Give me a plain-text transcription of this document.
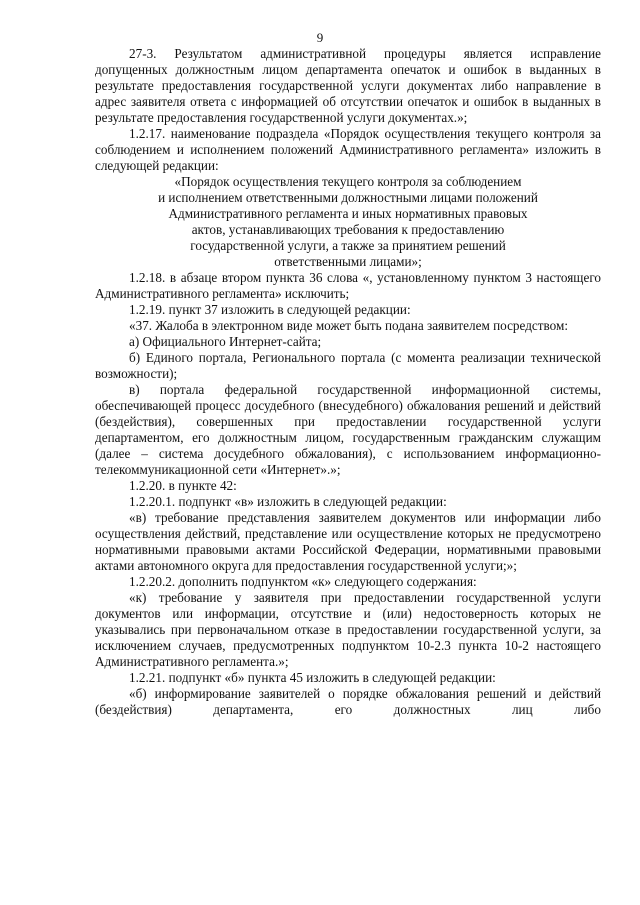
9

27-3. Результатом административной процедуры является исправление допущенных должностным лицом департамента опечаток и ошибок в выданных в результате предоставления государственной услуги документах либо направление в адрес заявителя ответа с информацией об отсутствии опечаток и ошибок в выданных в результате предоставления государственной услуги документах.»;

1.2.17. наименование подраздела «Порядок осуществления текущего контроля за соблюдением и исполнением положений Административного регламента» изложить в следующей редакции:

«Порядок осуществления текущего контроля за соблюдением

и исполнением ответственными должностными лицами положений

Административного регламента и иных нормативных правовых

актов, устанавливающих требования к предоставлению

государственной услуги, а также за принятием решений

ответственными лицами»;

1.2.18. в абзаце втором пункта 36 слова «, установленному пунктом 3 настоящего Административного регламента» исключить;

1.2.19. пункт 37 изложить в следующей редакции:

«37. Жалоба в электронном виде может быть подана заявителем посредством:

а) Официального Интернет-сайта;

б) Единого портала, Регионального портала (с момента реализации технической возможности);

в) портала федеральной государственной информационной системы, обеспечивающей процесс досудебного (внесудебного) обжалования решений и действий (бездействия), совершенных при предоставлении государственной услуги департаментом, его должностным лицом, государственным гражданским служащим (далее – система досудебного обжалования), с использованием информационно-телекоммуникационной сети «Интернет».»;

1.2.20. в пункте 42:

1.2.20.1. подпункт «в» изложить в следующей редакции:

«в) требование представления заявителем документов или информации либо осуществления действий, представление или осуществление которых не предусмотрено нормативными правовыми актами Российской Федерации, нормативными правовыми актами автономного округа для предоставления государственной услуги;»;

1.2.20.2. дополнить подпунктом «к» следующего содержания:

«к) требование у заявителя при предоставлении государственной услуги документов или информации, отсутствие и (или) недостоверность которых не указывались при первоначальном отказе в предоставлении государственной услуги, за исключением случаев, предусмотренных подпунктом 10-2.3 пункта 10-2 настоящего Административного регламента.»;

1.2.21. подпункт «б» пункта 45 изложить в следующей редакции:

«б) информирование заявителей о порядке обжалования решений и действий (бездействия) департамента, его должностных лиц либо
